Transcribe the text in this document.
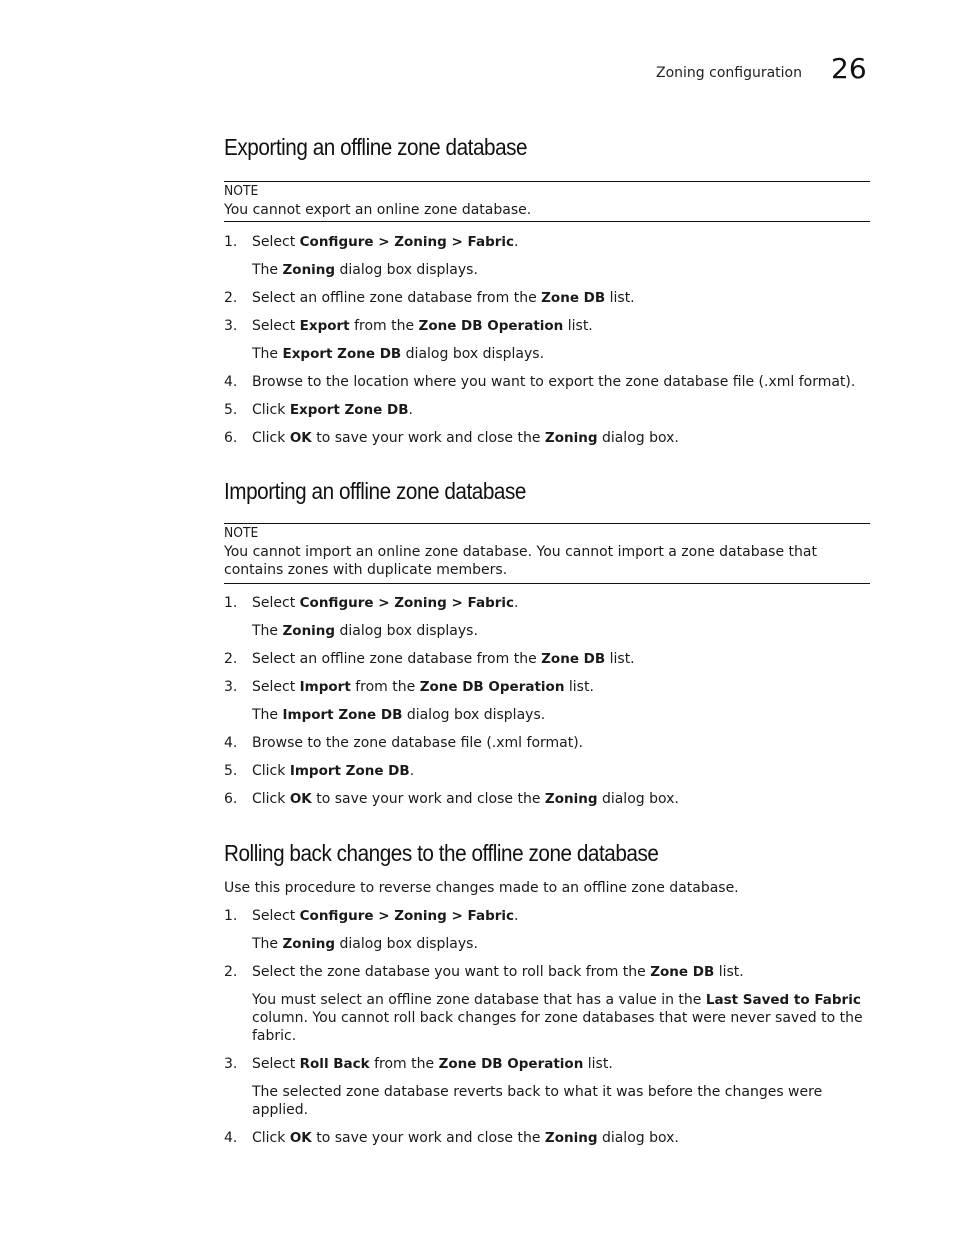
Zoning configuration 26
Exporting an offline zone database
NOTE
You cannot export an online zone database.
1. Select Configure > Zoning > Fabric.
The Zoning dialog box displays.
2. Select an offline zone database from the Zone DB list.
3. Select Export from the Zone DB Operation list.
The Export Zone DB dialog box displays.
4. Browse to the location where you want to export the zone database file (.xml format).
5. Click Export Zone DB.
6. Click OK to save your work and close the Zoning dialog box.
Importing an offline zone database
NOTE
You cannot import an online zone database. You cannot import a zone database that contains zones with duplicate members.
1. Select Configure > Zoning > Fabric.
The Zoning dialog box displays.
2. Select an offline zone database from the Zone DB list.
3. Select Import from the Zone DB Operation list.
The Import Zone DB dialog box displays.
4. Browse to the zone database file (.xml format).
5. Click Import Zone DB.
6. Click OK to save your work and close the Zoning dialog box.
Rolling back changes to the offline zone database
Use this procedure to reverse changes made to an offline zone database.
1. Select Configure > Zoning > Fabric.
The Zoning dialog box displays.
2. Select the zone database you want to roll back from the Zone DB list.
You must select an offline zone database that has a value in the Last Saved to Fabric column. You cannot roll back changes for zone databases that were never saved to the fabric.
3. Select Roll Back from the Zone DB Operation list.
The selected zone database reverts back to what it was before the changes were applied.
4. Click OK to save your work and close the Zoning dialog box.
